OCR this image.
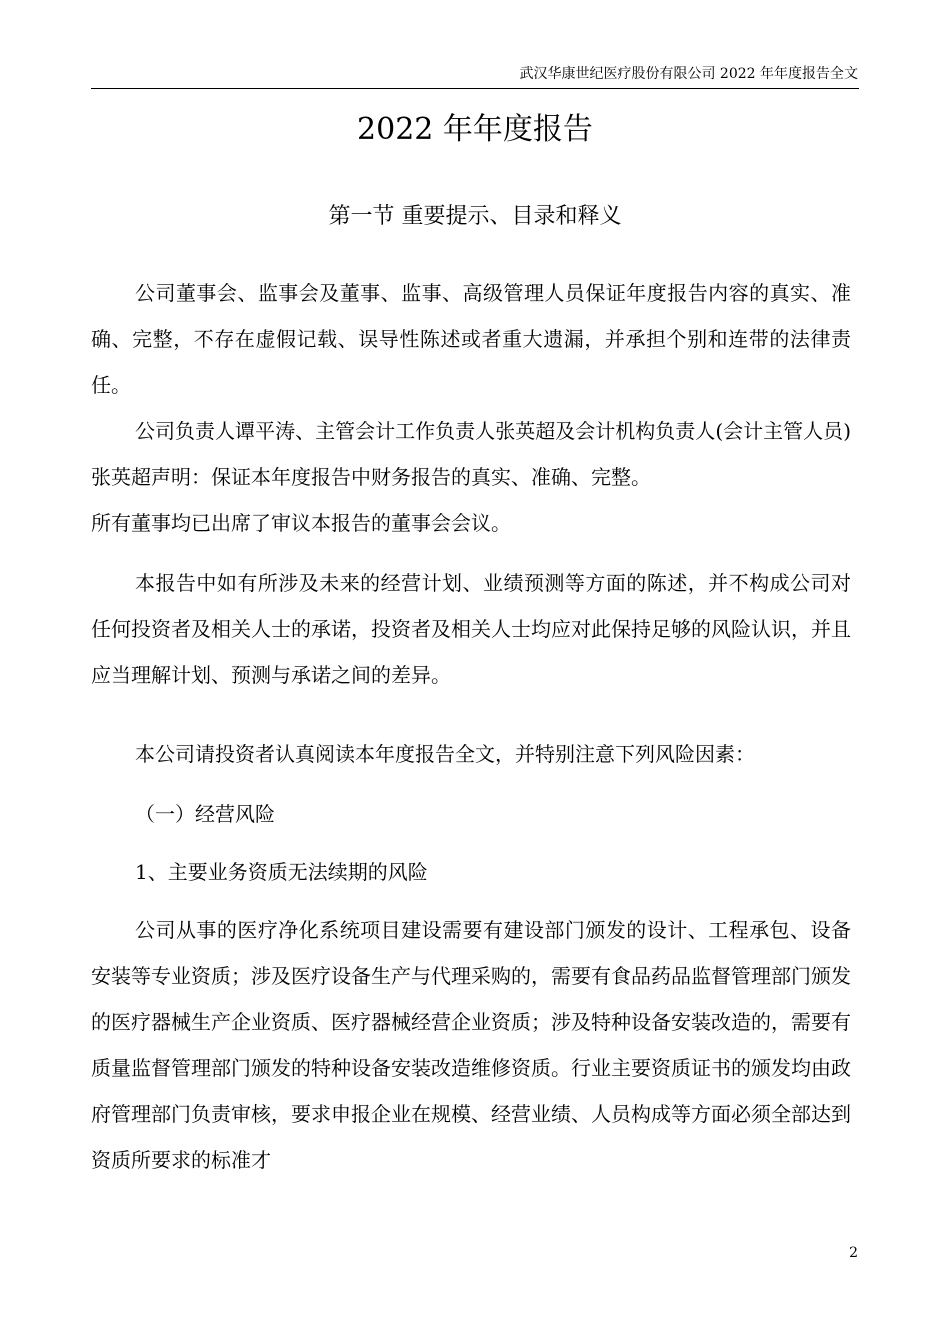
武汉华康世纪医疗股份有限公司 2022 年年度报告全文
2022 年年度报告
第一节 重要提示、目录和释义

公司董事会、监事会及董事、监事、高级管理人员保证年度报告内容的真实、准确、完整，不存在虚假记载、误导性陈述或者重大遗漏，并承担个别和连带的法律责任。

公司负责人谭平涛、主管会计工作负责人张英超及会计机构负责人(会计主管人员)张英超声明：保证本年度报告中财务报告的真实、准确、完整。

所有董事均已出席了审议本报告的董事会会议。

本报告中如有所涉及未来的经营计划、业绩预测等方面的陈述，并不构成公司对任何投资者及相关人士的承诺，投资者及相关人士均应对此保持足够的风险认识，并且应当理解计划、预测与承诺之间的差异。

本公司请投资者认真阅读本年度报告全文，并特别注意下列风险因素：

（一）经营风险

1、主要业务资质无法续期的风险

公司从事的医疗净化系统项目建设需要有建设部门颁发的设计、工程承包、设备安装等专业资质；涉及医疗设备生产与代理采购的，需要有食品药品监督管理部门颁发的医疗器械生产企业资质、医疗器械经营企业资质；涉及特种设备安装改造的，需要有质量监督管理部门颁发的特种设备安装改造维修资质。行业主要资质证书的颁发均由政府管理部门负责审核，要求申报企业在规模、经营业绩、人员构成等方面必须全部达到资质所要求的标准才

2
